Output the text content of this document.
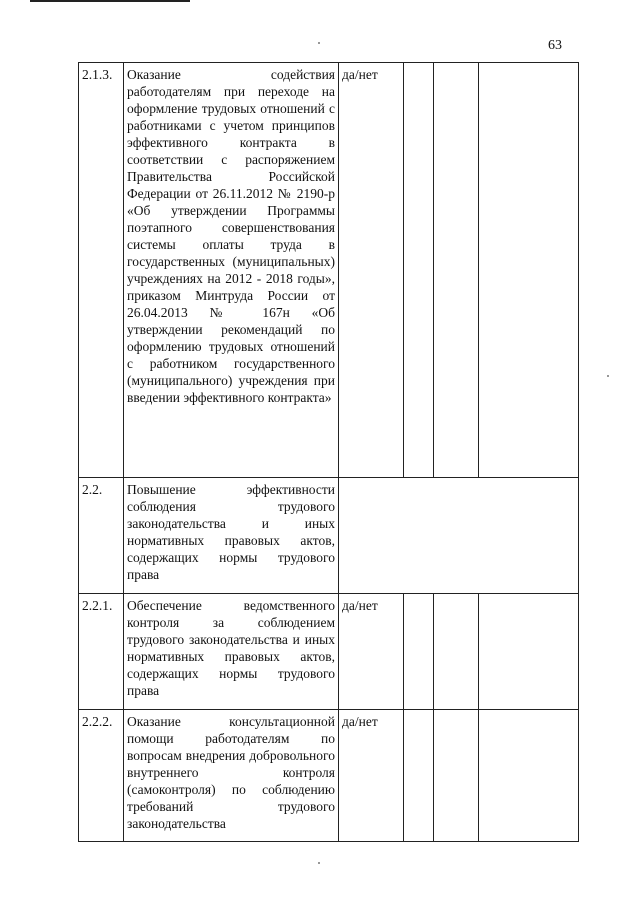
63
2.1.3.	Оказание содействия работодателям при переходе на оформление трудовых отношений с работниками с учетом принципов эффективного контракта в соответствии с распоряжением Правительства Российской Федерации от 26.11.2012 № 2190-р «Об утверждении Программы поэтапного совершенствования системы оплаты труда в государственных (муниципальных) учреждениях на 2012 - 2018 годы», приказом Минтруда России от 26.04.2013 № 167н «Об утверждении рекомендаций по оформлению трудовых отношений с работником государственного (муниципального) учреждения при введении эффективного контракта»	да/нет			
2.2.	Повышение эффективности соблюдения трудового законодательства и иных нормативных правовых актов, содержащих нормы трудового права				
2.2.1.	Обеспечение ведомственного контроля за соблюдением трудового законодательства и иных нормативных правовых актов, содержащих нормы трудового права	да/нет			
2.2.2.	Оказание консультационной помощи работодателям по вопросам внедрения добровольного внутреннего контроля (самоконтроля) по соблюдению требований трудового законодательства	да/нет			
